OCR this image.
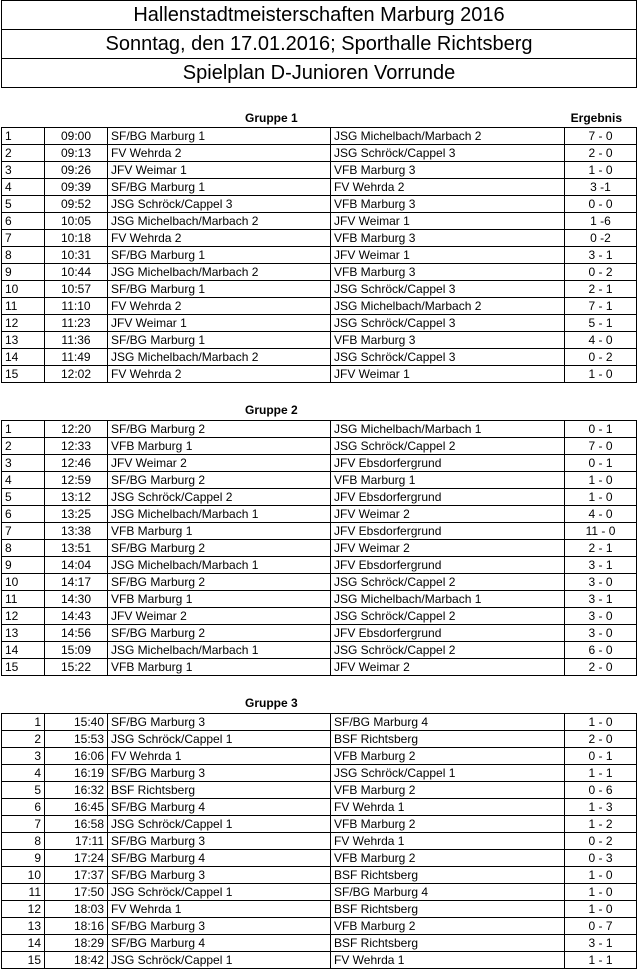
Hallenstadtmeisterschaften Marburg 2016
Sonntag, den 17.01.2016; Sporthalle Richtsberg
Spielplan D-Junioren Vorrunde
Gruppe 1	Ergebnis
1	09:00	SF/BG Marburg 1	JSG Michelbach/Marbach 2	7 - 0
2	09:13	FV Wehrda 2	JSG Schröck/Cappel 3	2 - 0
3	09:26	JFV Weimar 1	VFB Marburg 3	1 - 0
4	09:39	SF/BG Marburg 1	FV Wehrda 2	3 -1
5	09:52	JSG Schröck/Cappel 3	VFB Marburg 3	0 - 0
6	10:05	JSG Michelbach/Marbach 2	JFV Weimar 1	1 -6
7	10:18	FV Wehrda 2	VFB Marburg 3	0 -2
8	10:31	SF/BG Marburg 1	JFV Weimar 1	3 - 1
9	10:44	JSG Michelbach/Marbach 2	VFB Marburg 3	0 - 2
10	10:57	SF/BG Marburg 1	JSG Schröck/Cappel 3	2 - 1
11	11:10	FV Wehrda 2	JSG Michelbach/Marbach 2	7 - 1
12	11:23	JFV Weimar 1	JSG Schröck/Cappel 3	5 - 1
13	11:36	SF/BG Marburg 1	VFB Marburg 3	4 - 0
14	11:49	JSG Michelbach/Marbach 2	JSG Schröck/Cappel 3	0 - 2
15	12:02	FV Wehrda 2	JFV Weimar 1	1 - 0
Gruppe 2
1	12:20	SF/BG Marburg 2	JSG Michelbach/Marbach 1	0 - 1
2	12:33	VFB Marburg 1	JSG Schröck/Cappel 2	7 - 0
3	12:46	JFV Weimar 2	JFV Ebsdorfergrund	0 - 1
4	12:59	SF/BG Marburg 2	VFB Marburg 1	1 - 0
5	13:12	JSG Schröck/Cappel 2	JFV Ebsdorfergrund	1 - 0
6	13:25	JSG Michelbach/Marbach 1	JFV Weimar 2	4 - 0
7	13:38	VFB Marburg 1	JFV Ebsdorfergrund	11 - 0
8	13:51	SF/BG Marburg 2	JFV Weimar 2	2 - 1
9	14:04	JSG Michelbach/Marbach 1	JFV Ebsdorfergrund	3 - 1
10	14:17	SF/BG Marburg 2	JSG Schröck/Cappel 2	3 - 0
11	14:30	VFB Marburg 1	JSG Michelbach/Marbach 1	3 - 1
12	14:43	JFV Weimar 2	JSG Schröck/Cappel 2	3 - 0
13	14:56	SF/BG Marburg 2	JFV Ebsdorfergrund	3 - 0
14	15:09	JSG Michelbach/Marbach 1	JSG Schröck/Cappel 2	6 - 0
15	15:22	VFB Marburg 1	JFV Weimar 2	2 - 0
Gruppe 3
1	15:40	SF/BG Marburg 3	SF/BG Marburg 4	1 - 0
2	15:53	JSG Schröck/Cappel 1	BSF Richtsberg	2 - 0
3	16:06	FV Wehrda 1	VFB Marburg 2	0 - 1
4	16:19	SF/BG Marburg 3	JSG Schröck/Cappel 1	1 - 1
5	16:32	BSF Richtsberg	VFB Marburg 2	0 - 6
6	16:45	SF/BG Marburg 4	FV Wehrda 1	1 - 3
7	16:58	JSG Schröck/Cappel 1	VFB Marburg 2	1 - 2
8	17:11	SF/BG Marburg 3	FV Wehrda 1	0 - 2
9	17:24	SF/BG Marburg 4	VFB Marburg 2	0 - 3
10	17:37	SF/BG Marburg 3	BSF Richtsberg	1 - 0
11	17:50	JSG Schröck/Cappel 1	SF/BG Marburg 4	1 - 0
12	18:03	FV Wehrda 1	BSF Richtsberg	1 - 0
13	18:16	SF/BG Marburg 3	VFB Marburg 2	0 - 7
14	18:29	SF/BG Marburg 4	BSF Richtsberg	3 - 1
15	18:42	JSG Schröck/Cappel 1	FV Wehrda 1	1 - 1
